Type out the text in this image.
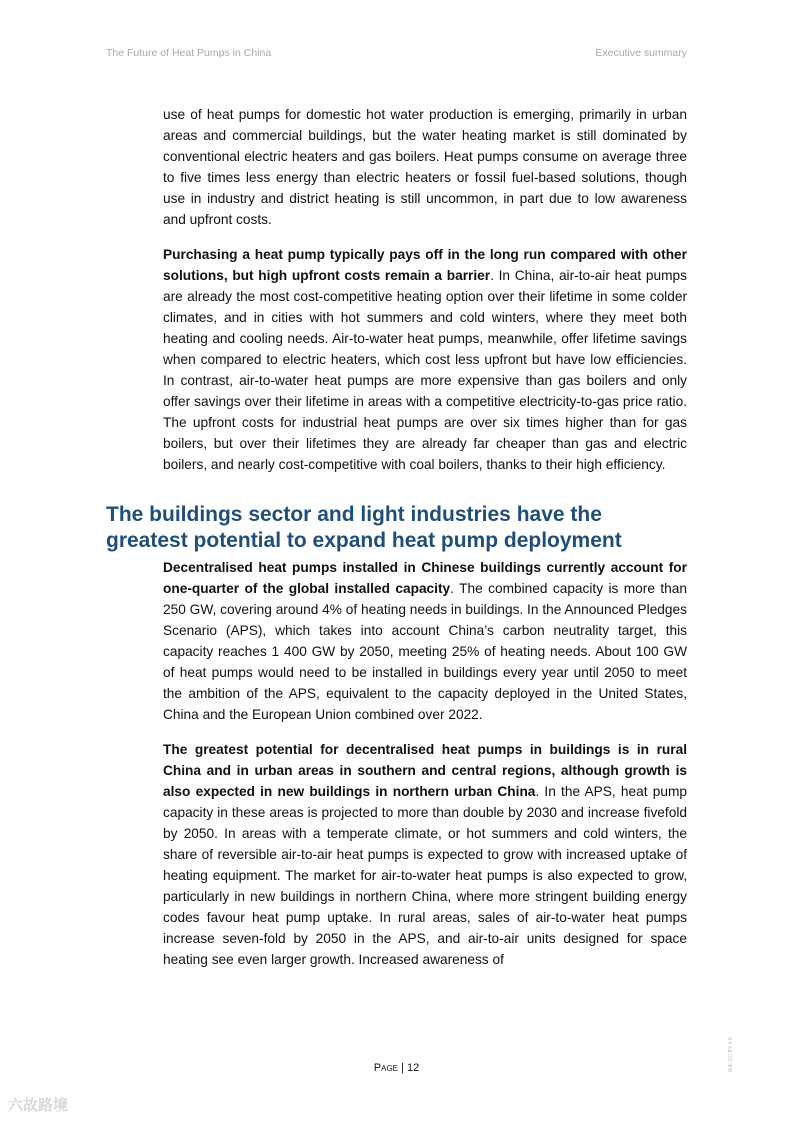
The Future of Heat Pumps in China	Executive summary

use of heat pumps for domestic hot water production is emerging, primarily in urban areas and commercial buildings, but the water heating market is still dominated by conventional electric heaters and gas boilers. Heat pumps consume on average three to five times less energy than electric heaters or fossil fuel-based solutions, though use in industry and district heating is still uncommon, in part due to low awareness and upfront costs.

Purchasing a heat pump typically pays off in the long run compared with other solutions, but high upfront costs remain a barrier. In China, air-to-air heat pumps are already the most cost-competitive heating option over their lifetime in some colder climates, and in cities with hot summers and cold winters, where they meet both heating and cooling needs. Air-to-water heat pumps, meanwhile, offer lifetime savings when compared to electric heaters, which cost less upfront but have low efficiencies. In contrast, air-to-water heat pumps are more expensive than gas boilers and only offer savings over their lifetime in areas with a competitive electricity-to-gas price ratio. The upfront costs for industrial heat pumps are over six times higher than for gas boilers, but over their lifetimes they are already far cheaper than gas and electric boilers, and nearly cost-competitive with coal boilers, thanks to their high efficiency.

The buildings sector and light industries have the greatest potential to expand heat pump deployment

Decentralised heat pumps installed in Chinese buildings currently account for one-quarter of the global installed capacity. The combined capacity is more than 250 GW, covering around 4% of heating needs in buildings. In the Announced Pledges Scenario (APS), which takes into account China’s carbon neutrality target, this capacity reaches 1 400 GW by 2050, meeting 25% of heating needs. About 100 GW of heat pumps would need to be installed in buildings every year until 2050 to meet the ambition of the APS, equivalent to the capacity deployed in the United States, China and the European Union combined over 2022.

The greatest potential for decentralised heat pumps in buildings is in rural China and in urban areas in southern and central regions, although growth is also expected in new buildings in northern urban China. In the APS, heat pump capacity in these areas is projected to more than double by 2030 and increase fivefold by 2050. In areas with a temperate climate, or hot summers and cold winters, the share of reversible air-to-air heat pumps is expected to grow with increased uptake of heating equipment. The market for air-to-water heat pumps is also expected to grow, particularly in new buildings in northern China, where more stringent building energy codes favour heat pump uptake. In rural areas, sales of air-to-water heat pumps increase seven-fold by 2050 in the APS, and air-to-air units designed for space heating see even larger growth. Increased awareness of

Page | 12	IEA. CC BY 4.0.
六故路境
